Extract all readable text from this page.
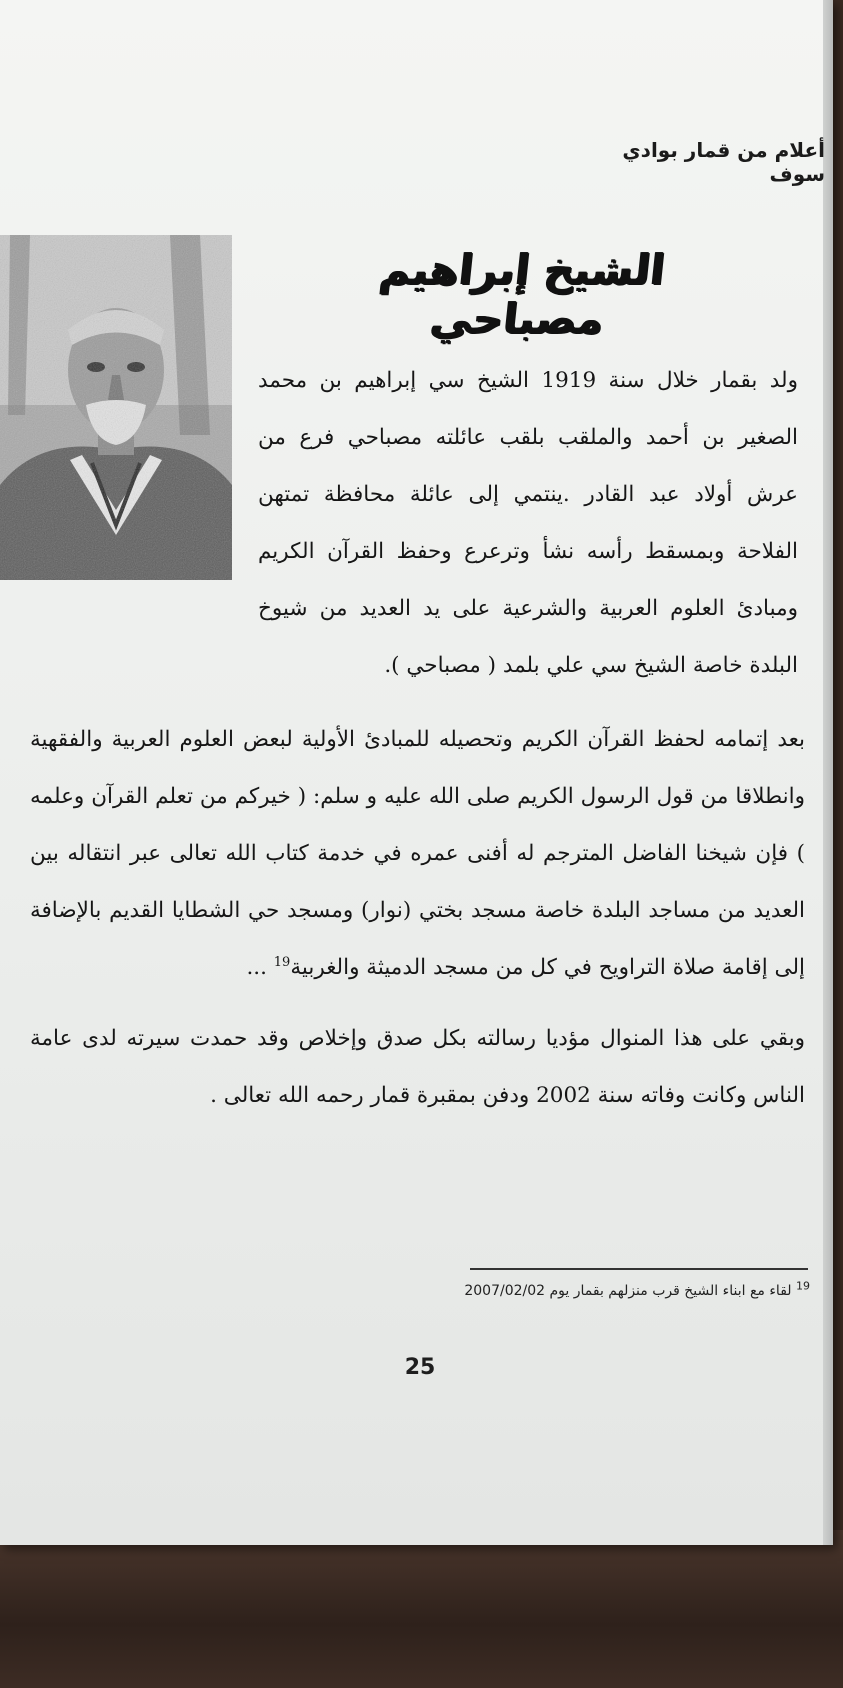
أعلام من قمار بوادي سوف
الشيخ إبراهيم مصباحي

ولد بقمار خلال سنة 1919 الشيخ سي إبراهيم بن محمد الصغير بن أحمد والملقب بلقب عائلته مصباحي فرع من عرش أولاد عبد القادر .ينتمي إلى عائلة محافظة تمتهن الفلاحة وبمسقط رأسه نشأ وترعرع وحفظ القرآن الكريم ومبادئ العلوم العربية والشرعية على يد العديد من شيوخ البلدة خاصة الشيخ سي علي بلمد ( مصباحي ).

بعد إتمامه لحفظ القرآن الكريم وتحصيله للمبادئ الأولية لبعض العلوم العربية والفقهية وانطلاقا من قول الرسول الكريم صلى الله عليه و سلم: ( خيركم من تعلم القرآن وعلمه ) فإن شيخنا الفاضل المترجم له أفنى عمره في خدمة كتاب الله تعالى عبر انتقاله بين العديد من مساجد البلدة خاصة مسجد بختي (نوار) ومسجد حي الشطايا القديم بالإضافة إلى إقامة صلاة التراويح في كل من مسجد الدميثة والغربية$^{19}$ ...

وبقي على هذا المنوال مؤديا رسالته بكل صدق وإخلاص وقد حمدت سيرته لدى عامة الناس وكانت وفاته سنة 2002 ودفن بمقبرة قمار رحمه الله تعالى .

$^{19}$ لقاء مع ابناء الشيخ قرب منزلهم بقمار يوم 2007/02/02

25
